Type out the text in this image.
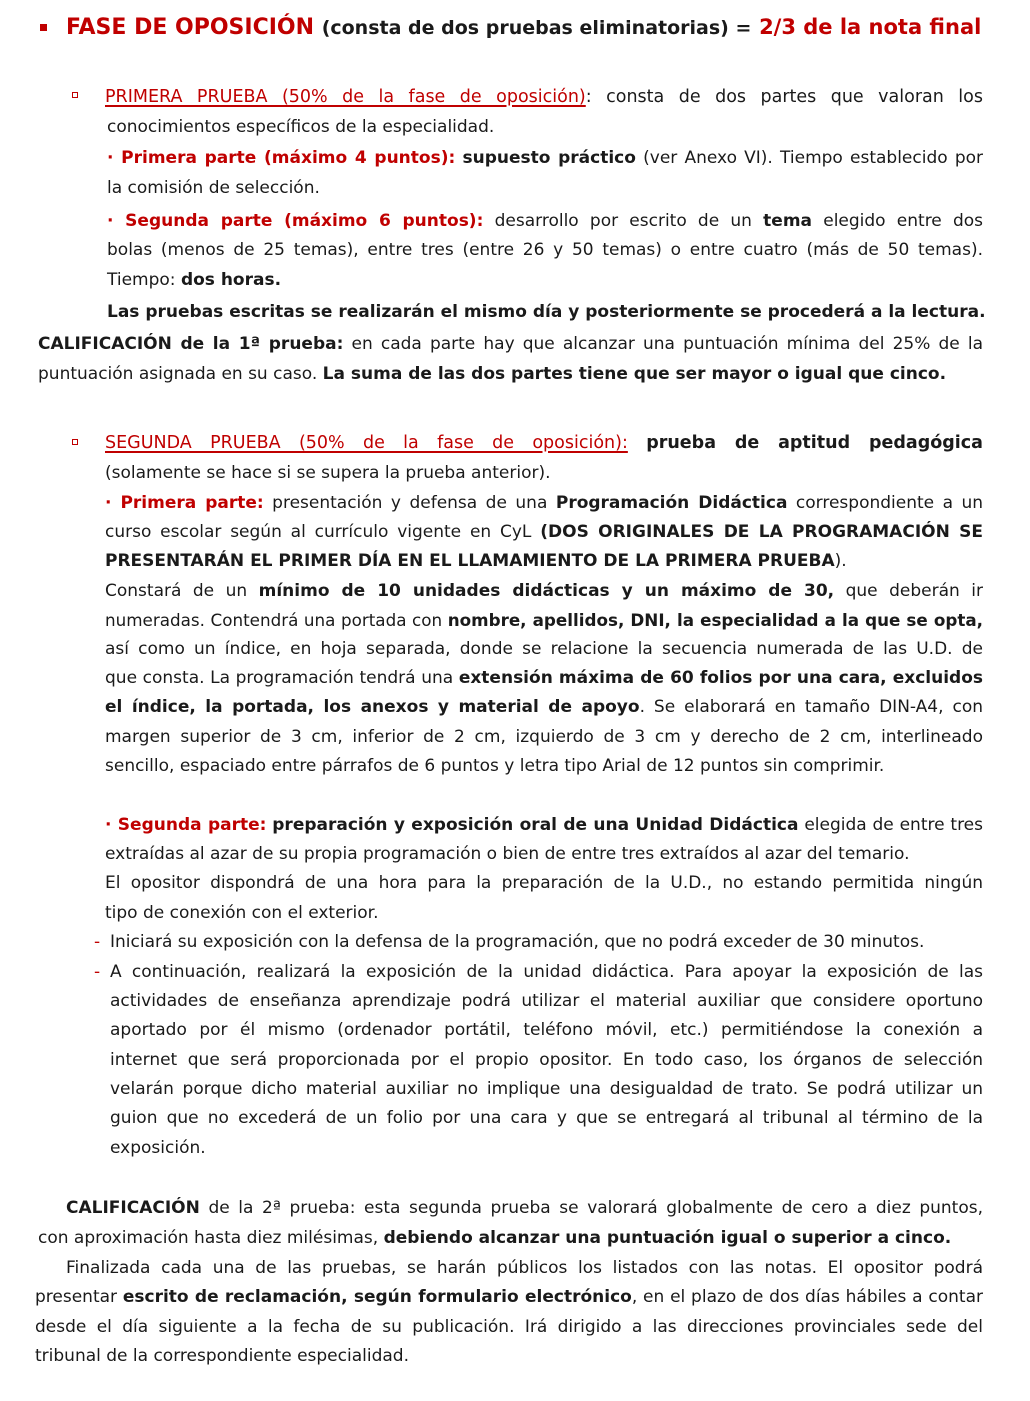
FASE DE OPOSICIÓN (consta de dos pruebas eliminatorias) = 2/3 de la nota final
PRIMERA PRUEBA (50% de la fase de oposición): consta de dos partes que valoran los
conocimientos específicos de la especialidad.
· Primera parte (máximo 4 puntos): supuesto práctico (ver Anexo VI). Tiempo establecido por
la comisión de selección.
· Segunda parte (máximo 6 puntos): desarrollo por escrito de un tema elegido entre dos
bolas (menos de 25 temas), entre tres (entre 26 y 50 temas) o entre cuatro (más de 50 temas).
Tiempo: dos horas.
Las pruebas escritas se realizarán el mismo día y posteriormente se procederá a la lectura.
CALIFICACIÓN de la 1ª prueba: en cada parte hay que alcanzar una puntuación mínima del 25% de la
puntuación asignada en su caso. La suma de las dos partes tiene que ser mayor o igual que cinco.
SEGUNDA PRUEBA (50% de la fase de oposición): prueba de aptitud pedagógica
(solamente se hace si se supera la prueba anterior).
· Primera parte: presentación y defensa de una Programación Didáctica correspondiente a un
curso escolar según al currículo vigente en CyL (DOS ORIGINALES DE LA PROGRAMACIÓN SE
PRESENTARÁN EL PRIMER DÍA EN EL LLAMAMIENTO DE LA PRIMERA PRUEBA).
Constará de un mínimo de 10 unidades didácticas y un máximo de 30, que deberán ir
numeradas. Contendrá una portada con nombre, apellidos, DNI, la especialidad a la que se opta,
así como un índice, en hoja separada, donde se relacione la secuencia numerada de las U.D. de
que consta. La programación tendrá una extensión máxima de 60 folios por una cara, excluidos
el índice, la portada, los anexos y material de apoyo. Se elaborará en tamaño DIN-A4, con
margen superior de 3 cm, inferior de 2 cm, izquierdo de 3 cm y derecho de 2 cm, interlineado
sencillo, espaciado entre párrafos de 6 puntos y letra tipo Arial de 12 puntos sin comprimir.
· Segunda parte: preparación y exposición oral de una Unidad Didáctica elegida de entre tres
extraídas al azar de su propia programación o bien de entre tres extraídos al azar del temario.
El opositor dispondrá de una hora para la preparación de la U.D., no estando permitida ningún
tipo de conexión con el exterior.
- Iniciará su exposición con la defensa de la programación, que no podrá exceder de 30 minutos.
- A continuación, realizará la exposición de la unidad didáctica. Para apoyar la exposición de las
actividades de enseñanza aprendizaje podrá utilizar el material auxiliar que considere oportuno
aportado por él mismo (ordenador portátil, teléfono móvil, etc.) permitiéndose la conexión a
internet que será proporcionada por el propio opositor. En todo caso, los órganos de selección
velarán porque dicho material auxiliar no implique una desigualdad de trato. Se podrá utilizar un
guion que no excederá de un folio por una cara y que se entregará al tribunal al término de la
exposición.
CALIFICACIÓN de la 2ª prueba: esta segunda prueba se valorará globalmente de cero a diez puntos,
con aproximación hasta diez milésimas, debiendo alcanzar una puntuación igual o superior a cinco.
Finalizada cada una de las pruebas, se harán públicos los listados con las notas. El opositor podrá
presentar escrito de reclamación, según formulario electrónico, en el plazo de dos días hábiles a contar
desde el día siguiente a la fecha de su publicación. Irá dirigido a las direcciones provinciales sede del
tribunal de la correspondiente especialidad.
